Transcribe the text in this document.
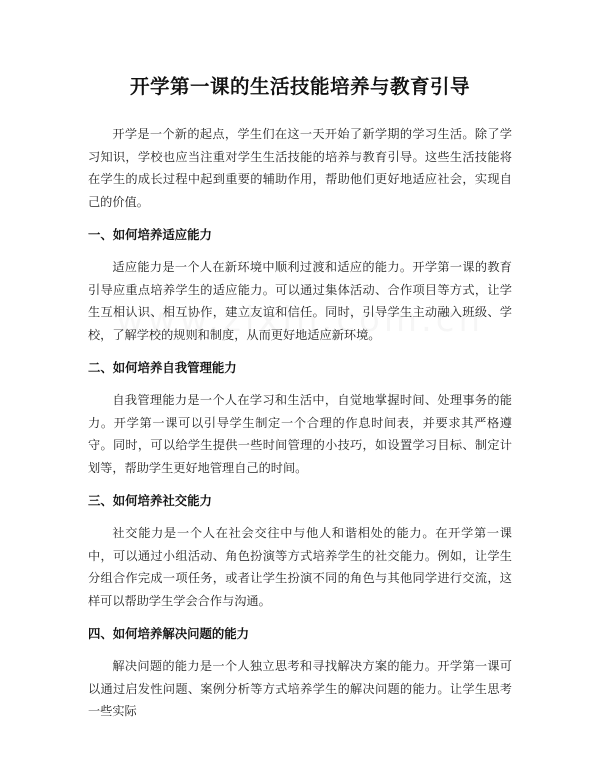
开学第一课的生活技能培养与教育引导

开学是一个新的起点，学生们在这一天开始了新学期的学习生活。除了学习知识，学校也应当注重对学生生活技能的培养与教育引导。这些生活技能将在学生的成长过程中起到重要的辅助作用，帮助他们更好地适应社会，实现自己的价值。

一、如何培养适应能力

适应能力是一个人在新环境中顺利过渡和适应的能力。开学第一课的教育引导应重点培养学生的适应能力。可以通过集体活动、合作项目等方式，让学生互相认识、相互协作，建立友谊和信任。同时，引导学生主动融入班级、学校，了解学校的规则和制度，从而更好地适应新环境。

二、如何培养自我管理能力

自我管理能力是一个人在学习和生活中，自觉地掌握时间、处理事务的能力。开学第一课可以引导学生制定一个合理的作息时间表，并要求其严格遵守。同时，可以给学生提供一些时间管理的小技巧，如设置学习目标、制定计划等，帮助学生更好地管理自己的时间。

三、如何培养社交能力

社交能力是一个人在社会交往中与他人和谐相处的能力。在开学第一课中，可以通过小组活动、角色扮演等方式培养学生的社交能力。例如，让学生分组合作完成一项任务，或者让学生扮演不同的角色与其他同学进行交流，这样可以帮助学生学会合作与沟通。

四、如何培养解决问题的能力

解决问题的能力是一个人独立思考和寻找解决方案的能力。开学第一课可以通过启发性问题、案例分析等方式培养学生的解决问题的能力。让学生思考一些实际
